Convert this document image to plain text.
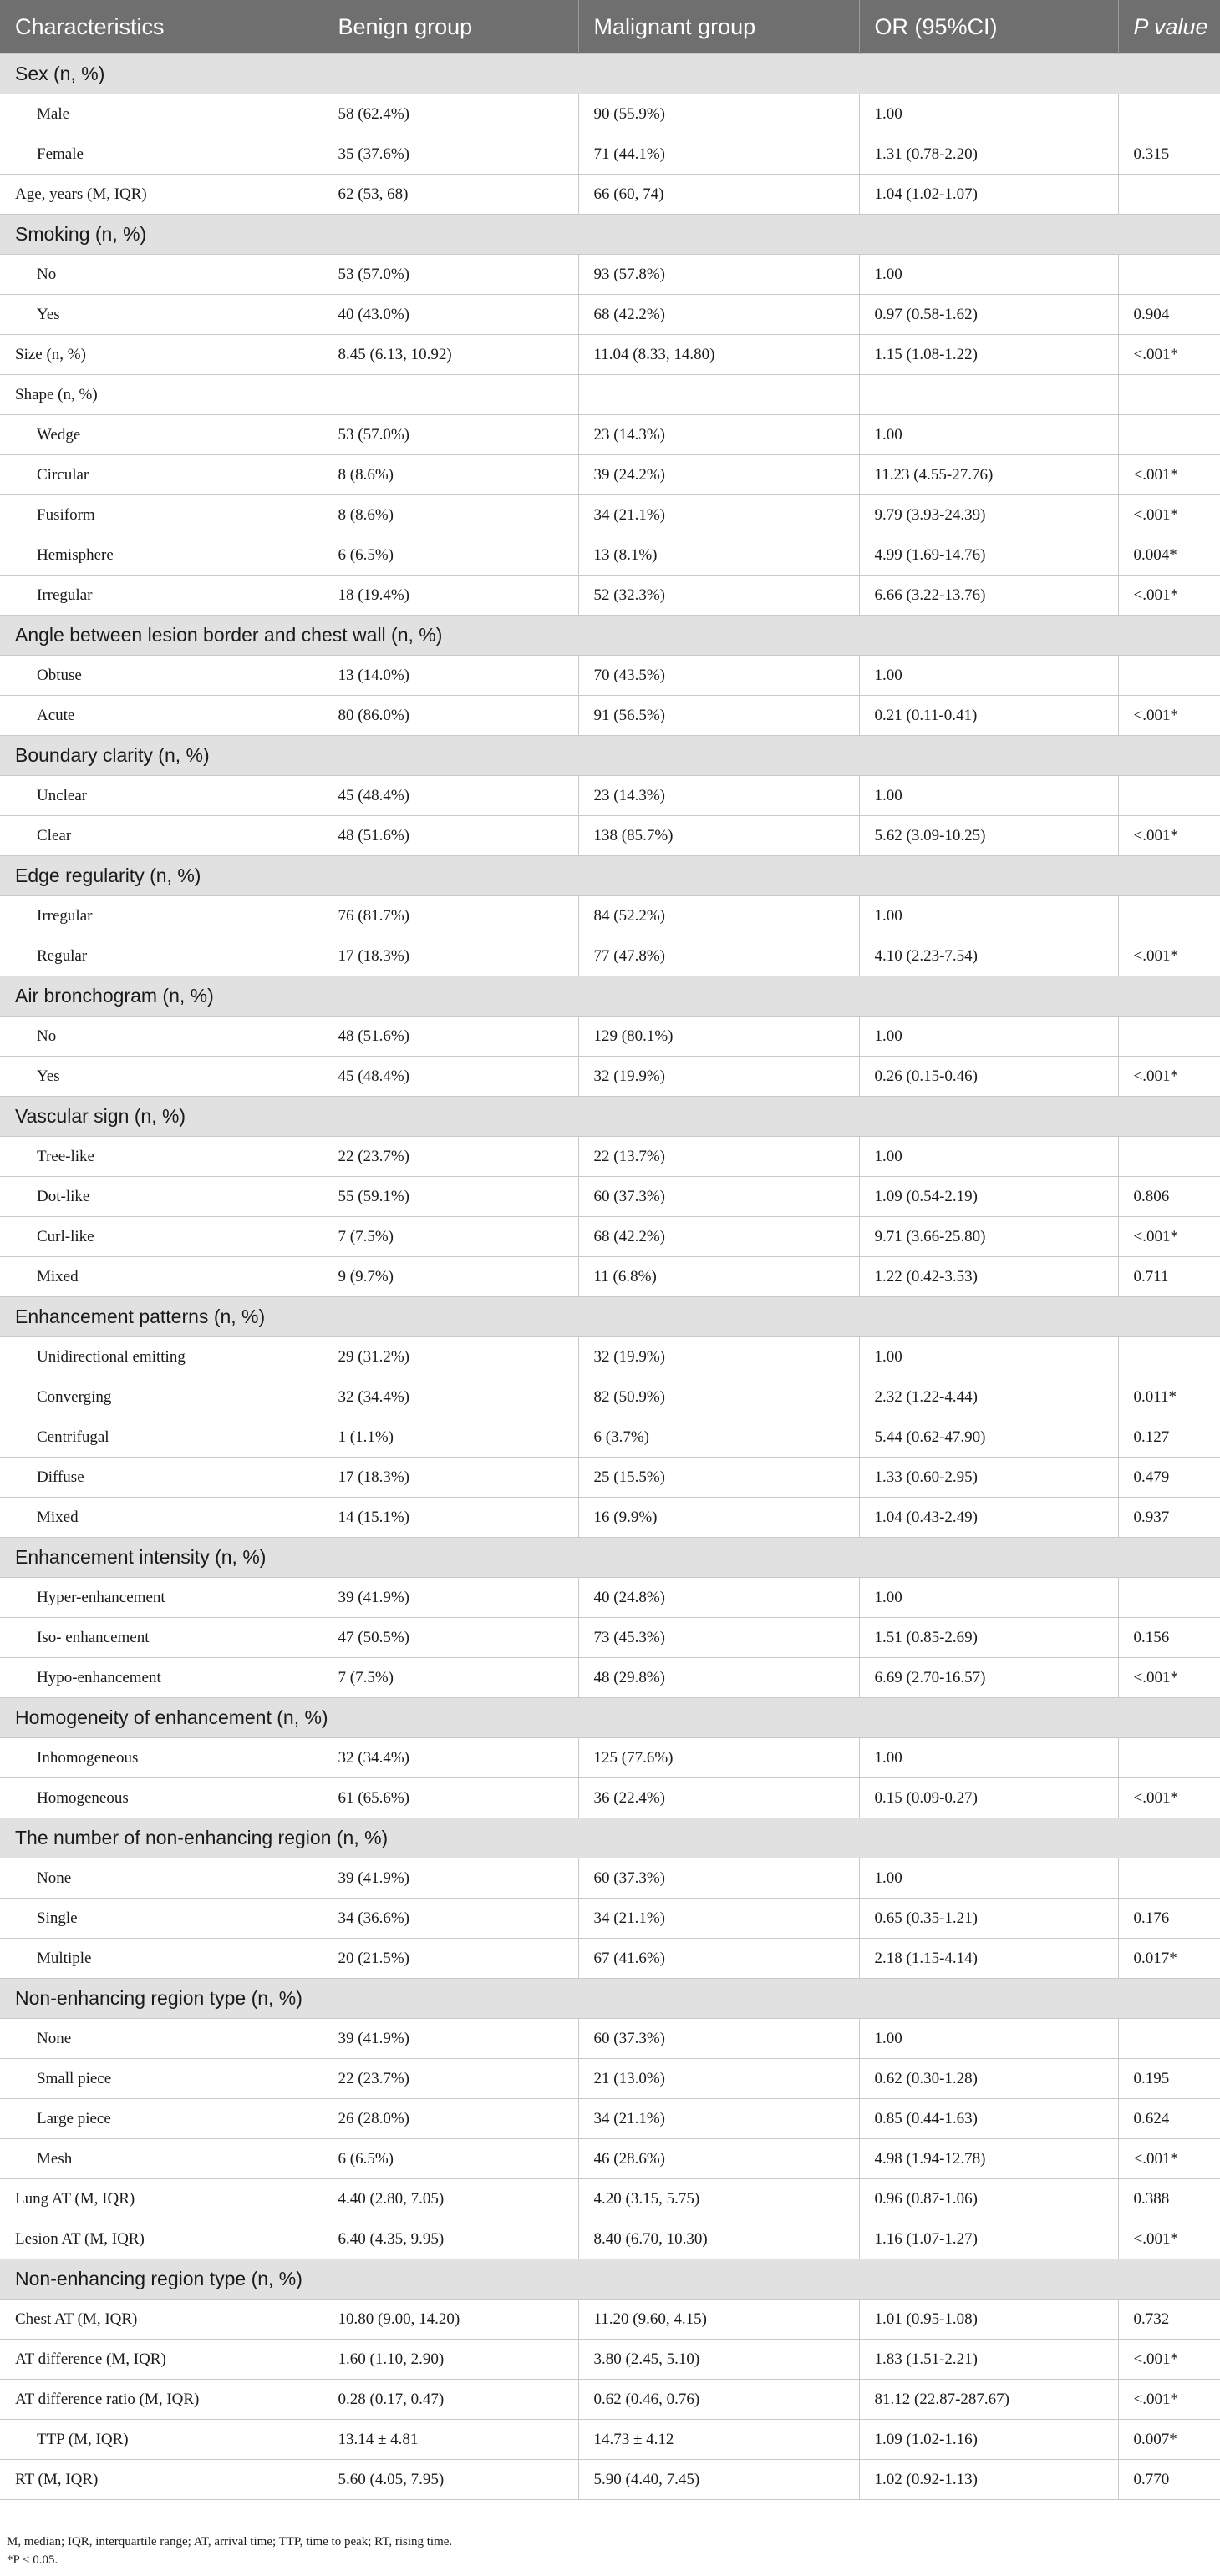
Characteristics	Benign group	Malignant group	OR (95%CI)	P value
Sex (n, %)				
Male	58 (62.4%)	90 (55.9%)	1.00	
Female	35 (37.6%)	71 (44.1%)	1.31 (0.78-2.20)	0.315
Age, years (M, IQR)	62 (53, 68)	66 (60, 74)	1.04 (1.02-1.07)	
Smoking (n, %)				
No	53 (57.0%)	93 (57.8%)	1.00	
Yes	40 (43.0%)	68 (42.2%)	0.97 (0.58-1.62)	0.904
Size (n, %)	8.45 (6.13, 10.92)	11.04 (8.33, 14.80)	1.15 (1.08-1.22)	<.001*
Shape (n, %)				
Wedge	53 (57.0%)	23 (14.3%)	1.00	
Circular	8 (8.6%)	39 (24.2%)	11.23 (4.55-27.76)	<.001*
Fusiform	8 (8.6%)	34 (21.1%)	9.79 (3.93-24.39)	<.001*
Hemisphere	6 (6.5%)	13 (8.1%)	4.99 (1.69-14.76)	0.004*
Irregular	18 (19.4%)	52 (32.3%)	6.66 (3.22-13.76)	<.001*
Angle between lesion border and chest wall (n, %)				
Obtuse	13 (14.0%)	70 (43.5%)	1.00	
Acute	80 (86.0%)	91 (56.5%)	0.21 (0.11-0.41)	<.001*
Boundary clarity (n, %)				
Unclear	45 (48.4%)	23 (14.3%)	1.00	
Clear	48 (51.6%)	138 (85.7%)	5.62 (3.09-10.25)	<.001*
Edge regularity (n, %)				
Irregular	76 (81.7%)	84 (52.2%)	1.00	
Regular	17 (18.3%)	77 (47.8%)	4.10 (2.23-7.54)	<.001*
Air bronchogram (n, %)				
No	48 (51.6%)	129 (80.1%)	1.00	
Yes	45 (48.4%)	32 (19.9%)	0.26 (0.15-0.46)	<.001*
Vascular sign (n, %)				
Tree-like	22 (23.7%)	22 (13.7%)	1.00	
Dot-like	55 (59.1%)	60 (37.3%)	1.09 (0.54-2.19)	0.806
Curl-like	7 (7.5%)	68 (42.2%)	9.71 (3.66-25.80)	<.001*
Mixed	9 (9.7%)	11 (6.8%)	1.22 (0.42-3.53)	0.711
Enhancement patterns (n, %)				
Unidirectional emitting	29 (31.2%)	32 (19.9%)	1.00	
Converging	32 (34.4%)	82 (50.9%)	2.32 (1.22-4.44)	0.011*
Centrifugal	1 (1.1%)	6 (3.7%)	5.44 (0.62-47.90)	0.127
Diffuse	17 (18.3%)	25 (15.5%)	1.33 (0.60-2.95)	0.479
Mixed	14 (15.1%)	16 (9.9%)	1.04 (0.43-2.49)	0.937
Enhancement intensity (n, %)				
Hyper-enhancement	39 (41.9%)	40 (24.8%)	1.00	
Iso- enhancement	47 (50.5%)	73 (45.3%)	1.51 (0.85-2.69)	0.156
Hypo-enhancement	7 (7.5%)	48 (29.8%)	6.69 (2.70-16.57)	<.001*
Homogeneity of enhancement (n, %)				
Inhomogeneous	32 (34.4%)	125 (77.6%)	1.00	
Homogeneous	61 (65.6%)	36 (22.4%)	0.15 (0.09-0.27)	<.001*
The number of non-enhancing region (n, %)				
None	39 (41.9%)	60 (37.3%)	1.00	
Single	34 (36.6%)	34 (21.1%)	0.65 (0.35-1.21)	0.176
Multiple	20 (21.5%)	67 (41.6%)	2.18 (1.15-4.14)	0.017*
Non-enhancing region type (n, %)				
None	39 (41.9%)	60 (37.3%)	1.00	
Small piece	22 (23.7%)	21 (13.0%)	0.62 (0.30-1.28)	0.195
Large piece	26 (28.0%)	34 (21.1%)	0.85 (0.44-1.63)	0.624
Mesh	6 (6.5%)	46 (28.6%)	4.98 (1.94-12.78)	<.001*
Lung AT (M, IQR)	4.40 (2.80, 7.05)	4.20 (3.15, 5.75)	0.96 (0.87-1.06)	0.388
Lesion AT (M, IQR)	6.40 (4.35, 9.95)	8.40 (6.70, 10.30)	1.16 (1.07-1.27)	<.001*
Non-enhancing region type (n, %)				
Chest AT (M, IQR)	10.80 (9.00, 14.20)	11.20 (9.60, 4.15)	1.01 (0.95-1.08)	0.732
AT difference (M, IQR)	1.60 (1.10, 2.90)	3.80 (2.45, 5.10)	1.83 (1.51-2.21)	<.001*
AT difference ratio (M, IQR)	0.28 (0.17, 0.47)	0.62 (0.46, 0.76)	81.12 (22.87-287.67)	<.001*
TTP (M, IQR)	13.14 ± 4.81	14.73 ± 4.12	1.09 (1.02-1.16)	0.007*
RT (M, IQR)	5.60 (4.05, 7.95)	5.90 (4.40, 7.45)	1.02 (0.92-1.13)	0.770
M, median; IQR, interquartile range; AT, arrival time; TTP, time to peak; RT, rising time.
*P < 0.05.
